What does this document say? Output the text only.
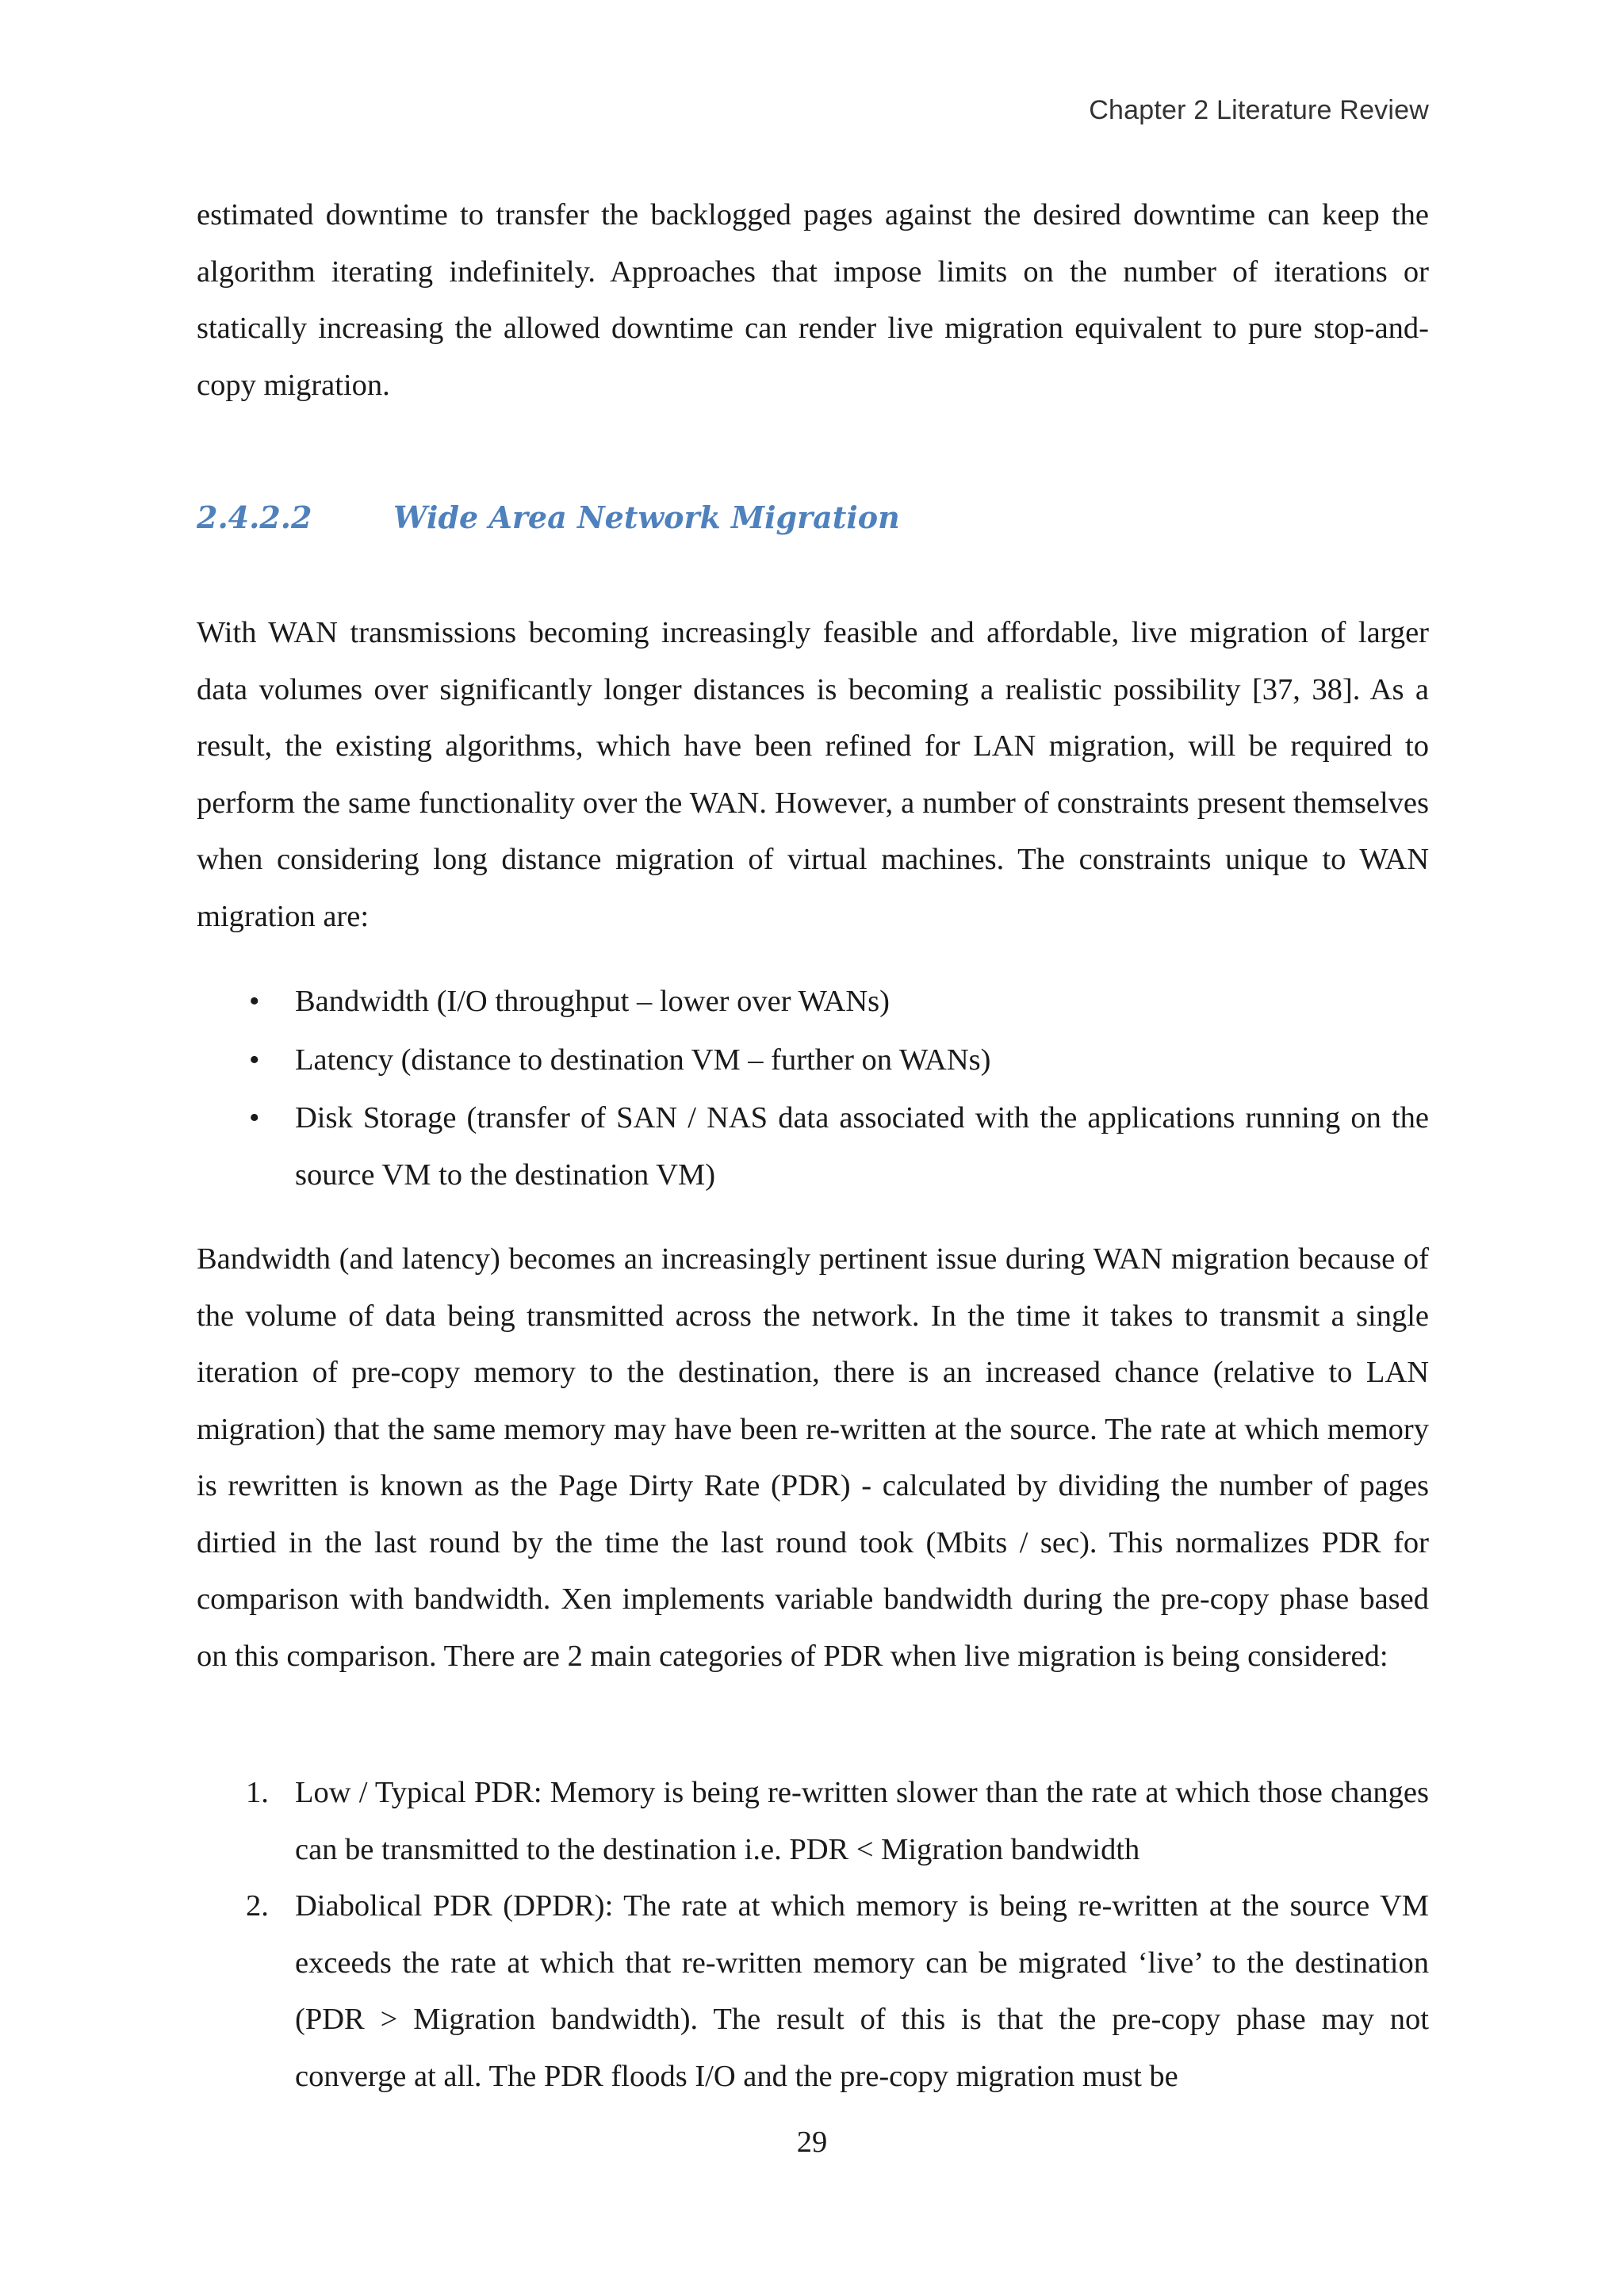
Chapter 2 Literature Review

estimated downtime to transfer the backlogged pages against the desired downtime can keep the algorithm iterating indefinitely. Approaches that impose limits on the number of iterations or statically increasing the allowed downtime can render live migration equivalent to pure stop-and-copy migration.

2.4.2.2	Wide Area Network Migration

With WAN transmissions becoming increasingly feasible and affordable, live migration of larger data volumes over significantly longer distances is becoming a realistic possibility [37, 38]. As a result, the existing algorithms, which have been refined for LAN migration, will be required to perform the same functionality over the WAN. However, a number of constraints present themselves when considering long distance migration of virtual machines. The constraints unique to WAN migration are:

• Bandwidth (I/O throughput – lower over WANs)
• Latency (distance to destination VM – further on WANs)
• Disk Storage (transfer of SAN / NAS data associated with the applications running on the source VM to the destination VM)

Bandwidth (and latency) becomes an increasingly pertinent issue during WAN migration because of the volume of data being transmitted across the network. In the time it takes to transmit a single iteration of pre-copy memory to the destination, there is an increased chance (relative to LAN migration) that the same memory may have been re-written at the source. The rate at which memory is rewritten is known as the Page Dirty Rate (PDR) - calculated by dividing the number of pages dirtied in the last round by the time the last round took (Mbits / sec). This normalizes PDR for comparison with bandwidth. Xen implements variable bandwidth during the pre-copy phase based on this comparison. There are 2 main categories of PDR when live migration is being considered:

1. Low / Typical PDR: Memory is being re-written slower than the rate at which those changes can be transmitted to the destination i.e. PDR < Migration bandwidth
2. Diabolical PDR (DPDR): The rate at which memory is being re-written at the source VM exceeds the rate at which that re-written memory can be migrated ‘live’ to the destination (PDR > Migration bandwidth). The result of this is that the pre-copy phase may not converge at all. The PDR floods I/O and the pre-copy migration must be
29
